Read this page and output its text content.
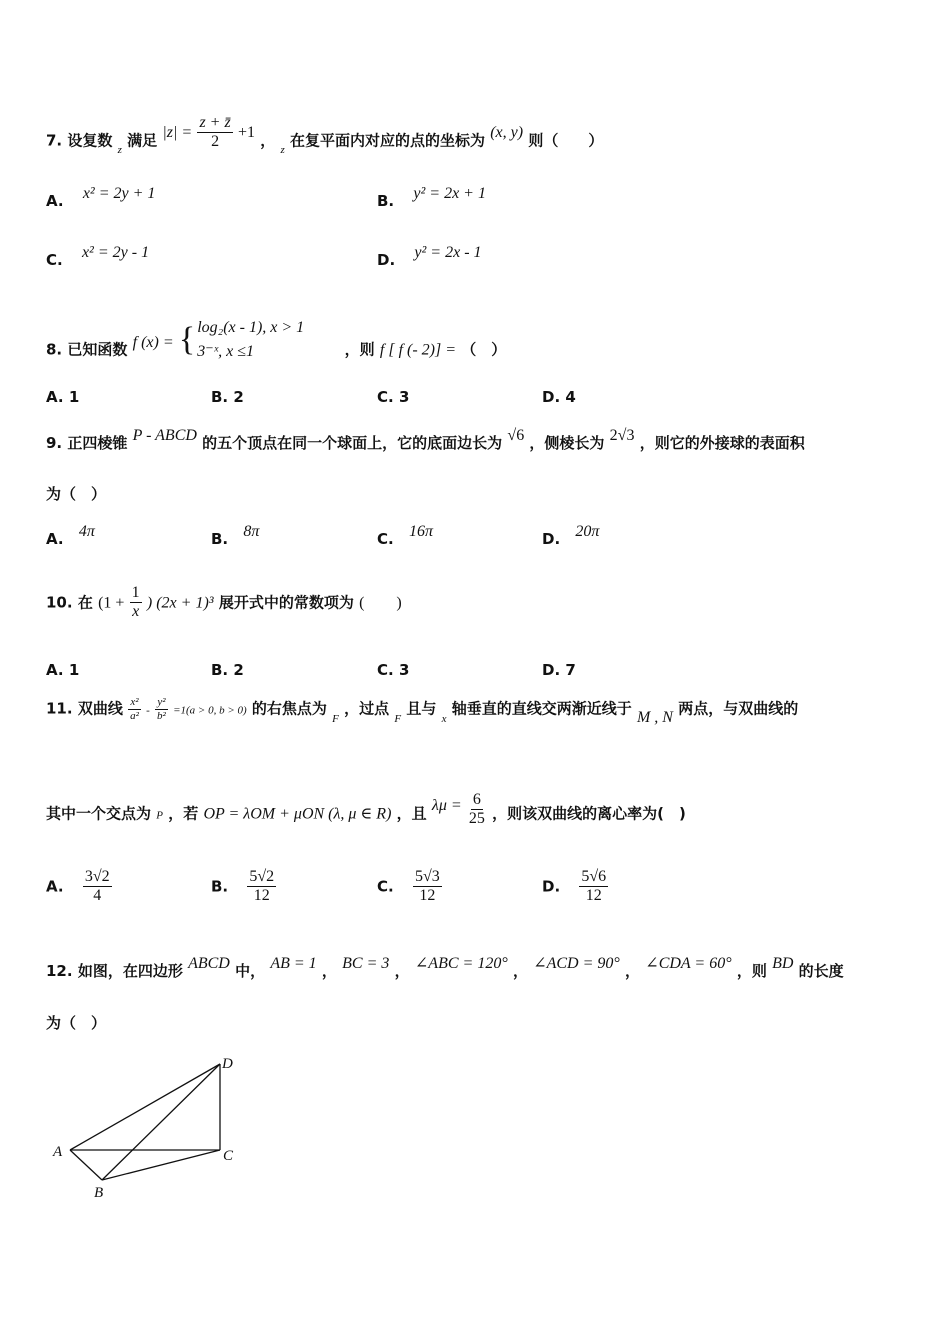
7. 设复数 $_z$ 满足 $|z| = \frac{z + z̄}{2} +1$ ， $_z$ 在复平面内对应的点的坐标为 (x, y) 则（　　）
A. x² = 2y + 1	B. y² = 2x + 1
C. x² = 2y - 1	D. y² = 2x - 1
8. 已知函数 f (x) = { log₂(x - 1), x > 1
3⁻ˣ, x ≤1	，则 f [ f (- 2)] = （　）
A. 1	B. 2	C. 3	D. 4
9. 正四棱锥 P - ABCD 的五个顶点在同一个球面上，它的底面边长为 √6 ，侧棱长为 2√3 ，则它的外接球的表面积
为（　）
A. 4π	B. 8π	C. 16π	D. 20π
10. 在 ($1 + \frac{1}{x}$ ) (2x + 1)³ 展开式中的常数项为 (　　)
A. 1	B. 2	C. 3	D. 7
11. 双曲线 $\frac{\text{x²}}{\text{a²}} - \frac{\text{y²}}{\text{b²}} =1(a > 0$, b > 0) 的右焦点为 $_F$ ，过点 $_F$ 且与 $_x$ 轴垂直的直线交两渐近线于 M , N 两点，与双曲线的
其中一个交点为 P ，若 OP = λOM + μON (λ, μ ∈ R) ，且 $\lambda\mu = \frac{6}{25}$ ，则该双曲线的离心率为(　)
A. $\frac{3√2}{4}$	B. $\frac{5√2}{12}$	C. $\frac{5√3}{12}$	D. $\frac{5√6}{12}$
12. 如图，在四边形 ABCD 中， AB = 1 ， BC = 3 ， ∠ABC = 120° ， ∠ACD = 90° ， ∠CDA = 60° ，则 BD 的长度
为（　）
A
B
C
D
